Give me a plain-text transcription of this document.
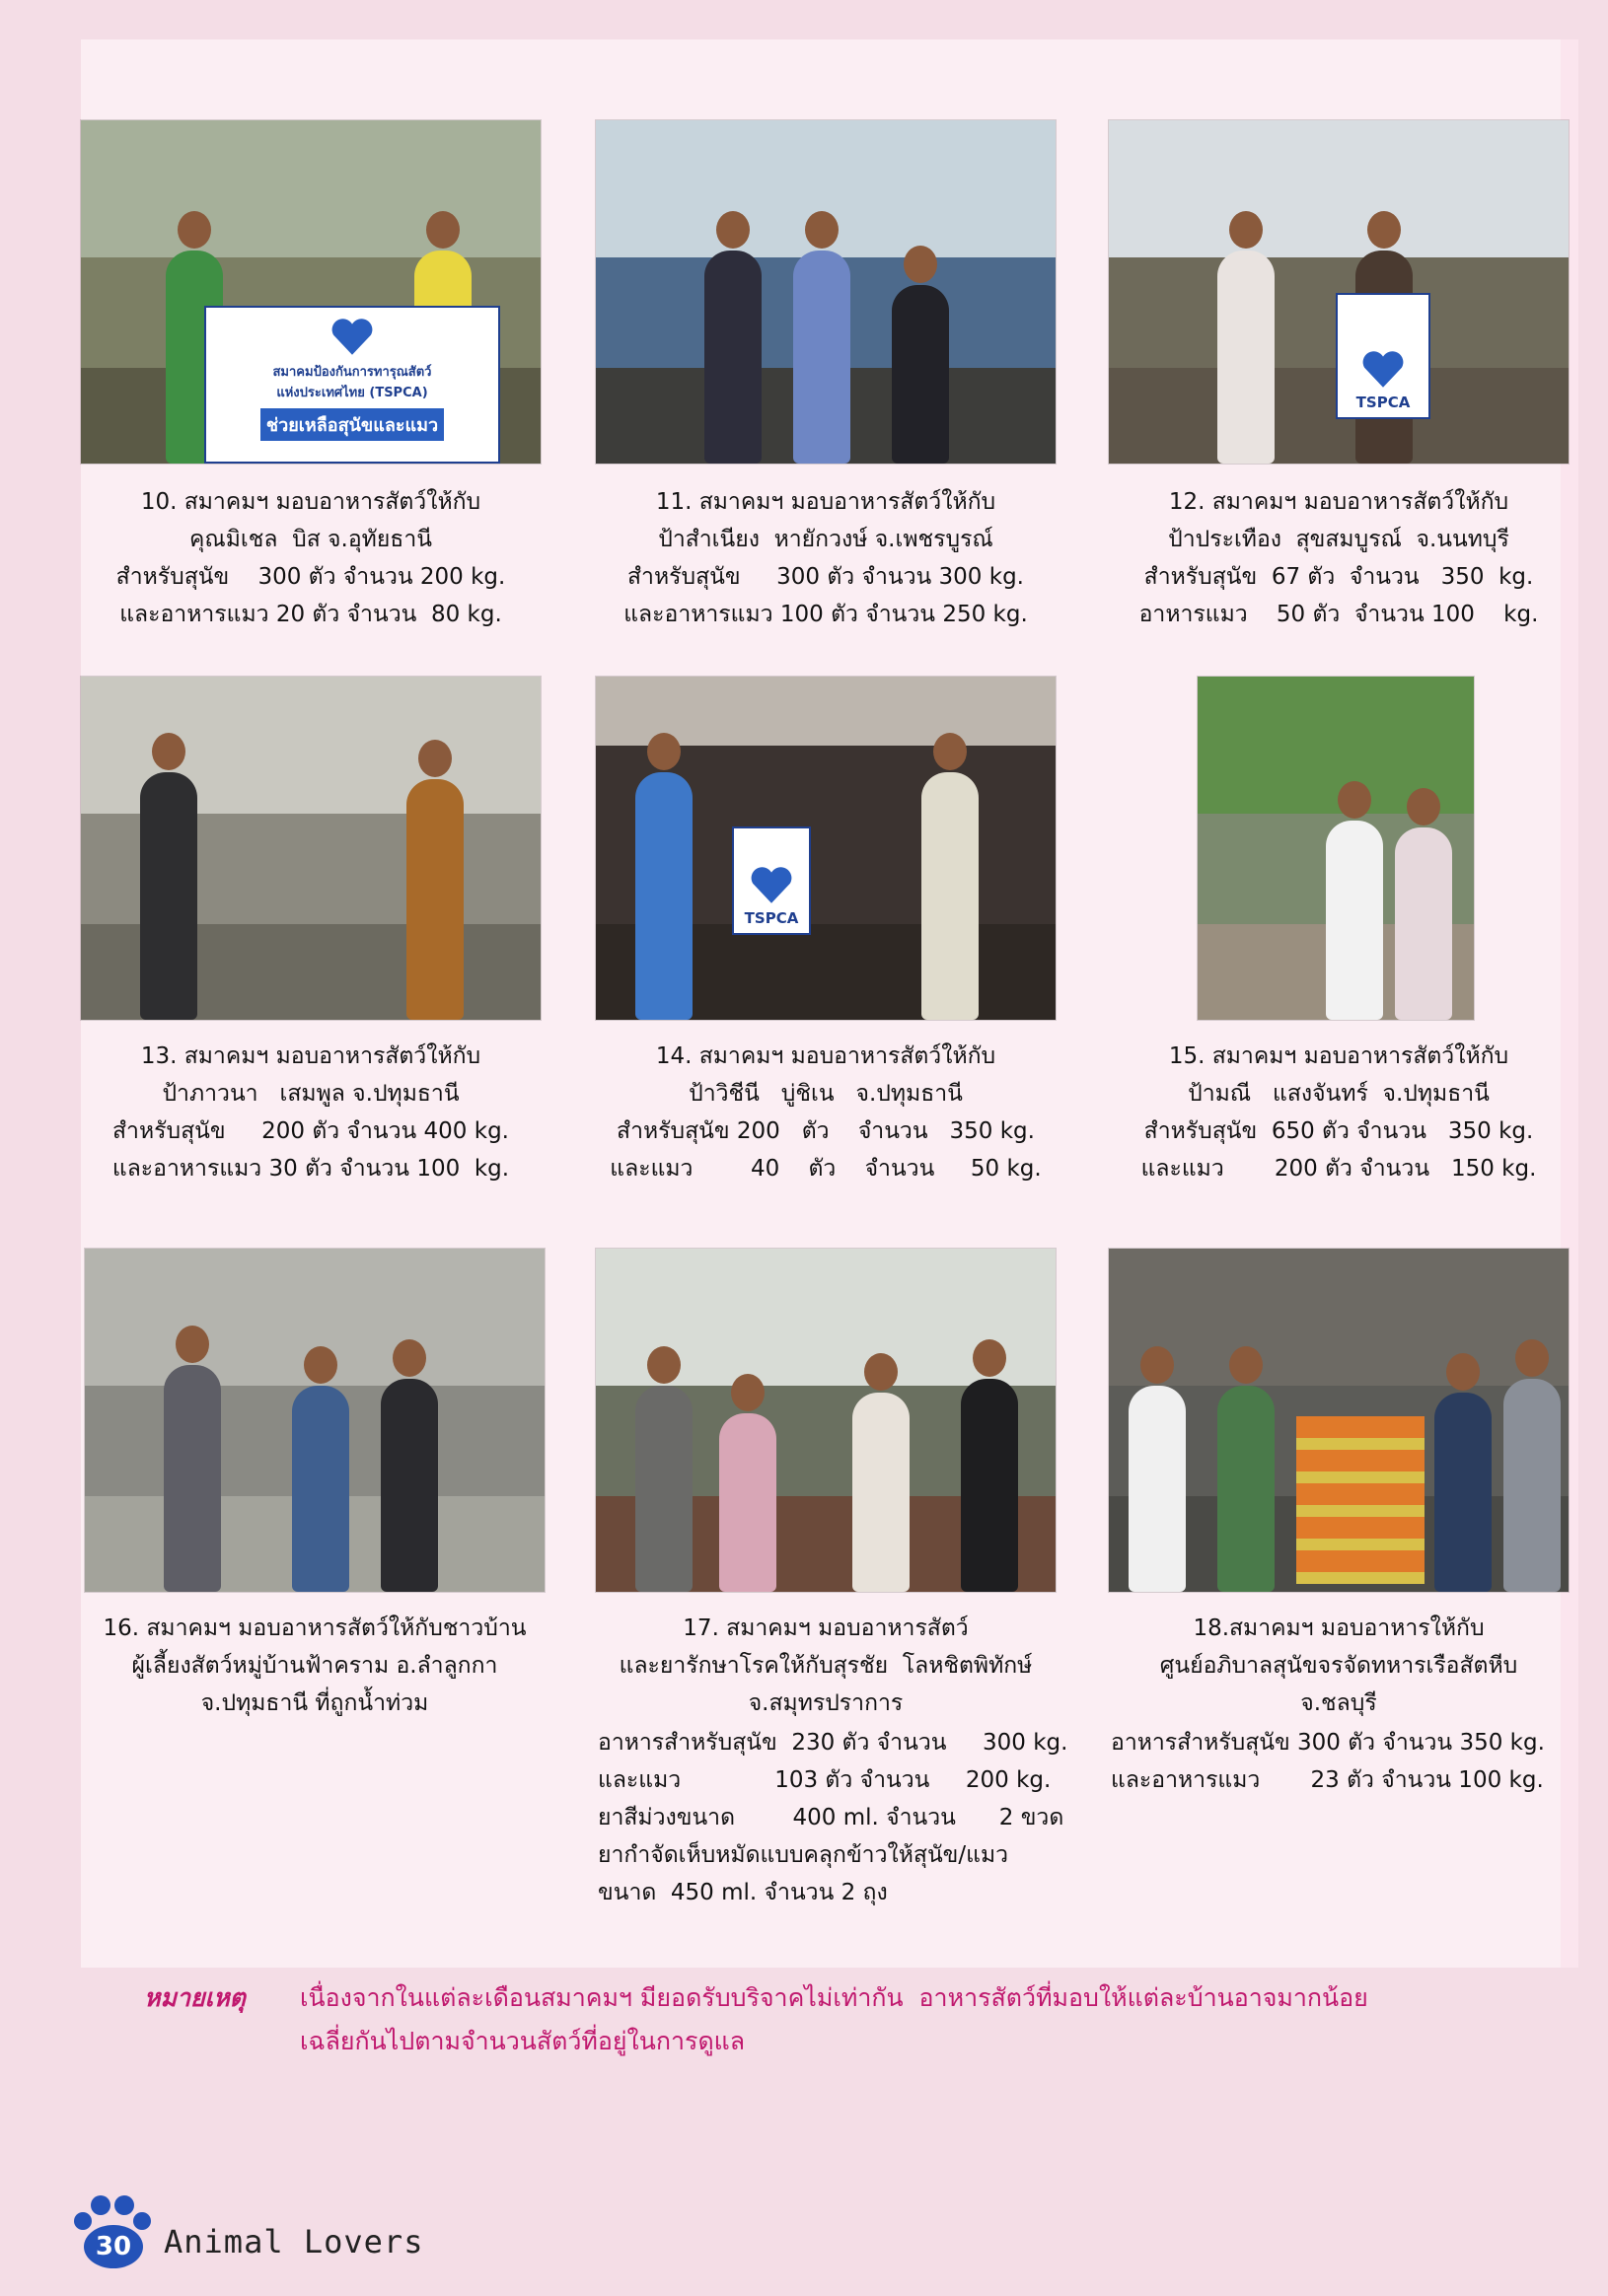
สมาคมป้องกันการทารุณสัตว์
แห่งประเทศไทย (TSPCA)
ช่วยเหลือสุนัขและแมว
TSPCA
10. สมาคมฯ มอบอาหารสัตว์ให้กับ
คุณมิเชล  บิส จ.อุทัยธานี
สำหรับสุนัข    300 ตัว จำนวน 200 kg.
และอาหารแมว 20 ตัว จำนวน  80 kg.
11. สมาคมฯ มอบอาหารสัตว์ให้กับ
ป้าสำเนียง  หายักวงษ์ จ.เพชรบูรณ์
สำหรับสุนัข     300 ตัว จำนวน 300 kg.
และอาหารแมว 100 ตัว จำนวน 250 kg.
12. สมาคมฯ มอบอาหารสัตว์ให้กับ
ป้าประเทือง  สุขสมบูรณ์  จ.นนทบุรี
สำหรับสุนัข  67 ตัว  จำนวน   350  kg.
อาหารแมว    50 ตัว  จำนวน 100    kg.
TSPCA
13. สมาคมฯ มอบอาหารสัตว์ให้กับ
ป้าภาวนา   เสมพูล จ.ปทุมธานี
สำหรับสุนัข     200 ตัว จำนวน 400 kg.
และอาหารแมว 30 ตัว จำนวน 100  kg.
14. สมาคมฯ มอบอาหารสัตว์ให้กับ
ป้าวิชีนี   บู่ชิเน   จ.ปทุมธานี
สำหรับสุนัข 200   ตัว    จำนวน   350 kg.
และแมว        40    ตัว    จำนวน     50 kg.
15. สมาคมฯ มอบอาหารสัตว์ให้กับ
ป้ามณี   แสงจันทร์  จ.ปทุมธานี
สำหรับสุนัข  650 ตัว จำนวน   350 kg.
และแมว       200 ตัว จำนวน   150 kg.
16. สมาคมฯ มอบอาหารสัตว์ให้กับชาวบ้าน
ผู้เลี้ยงสัตว์หมู่บ้านฟ้าคราม อ.ลำลูกกา
จ.ปทุมธานี ที่ถูกน้ำท่วม
17. สมาคมฯ มอบอาหารสัตว์
และยารักษาโรคให้กับสุรชัย  โลหชิตพิทักษ์
จ.สมุทรปราการ
อาหารสำหรับสุนัข  230 ตัว จำนวน     300 kg.
และแมว             103 ตัว จำนวน     200 kg.
ยาสีม่วงขนาด        400 ml. จำนวน      2 ขวด
ยากำจัดเห็บหมัดแบบคลุกข้าวให้สุนัข/แมว
ขนาด  450 ml. จำนวน 2 ถุง
18.สมาคมฯ มอบอาหารให้กับ
ศูนย์อภิบาลสุนัขจรจัดทหารเรือสัตหีบ
จ.ชลบุรี
อาหารสำหรับสุนัข 300 ตัว จำนวน 350 kg.
และอาหารแมว       23 ตัว จำนวน 100 kg.

หมายเหตุ

เนื่องจากในแต่ละเดือนสมาคมฯ มียอดรับบริจาคไม่เท่ากัน  อาหารสัตว์ที่มอบให้แต่ละบ้านอาจมากน้อย
เฉลี่ยกันไปตามจำนวนสัตว์ที่อยู่ในการดูแล

30	Animal Lovers
